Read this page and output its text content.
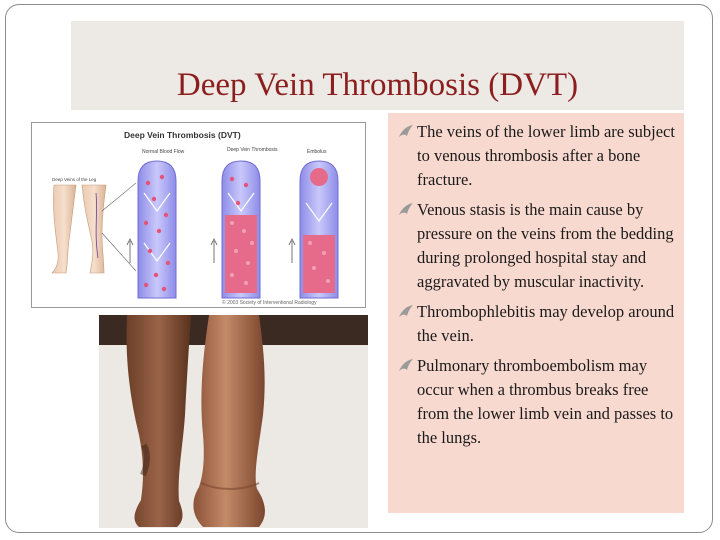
Deep Vein Thrombosis (DVT)
The veins of the lower limb are subject to venous thrombosis after a bone fracture.
Venous stasis is the main cause by pressure on the veins from the bedding during prolonged hospital stay and aggravated by muscular inactivity.
Thrombophlebitis may develop around the vein.
Pulmonary thromboembolism may occur when a thrombus breaks free from the lower limb vein and passes to the lungs.
Deep Vein Thrombosis (DVT)
Normal Blood Flow	Deep Vein Thrombosis	Embolus
Deep Veins of the Leg
© 2003 Society of Interventional Radiology
